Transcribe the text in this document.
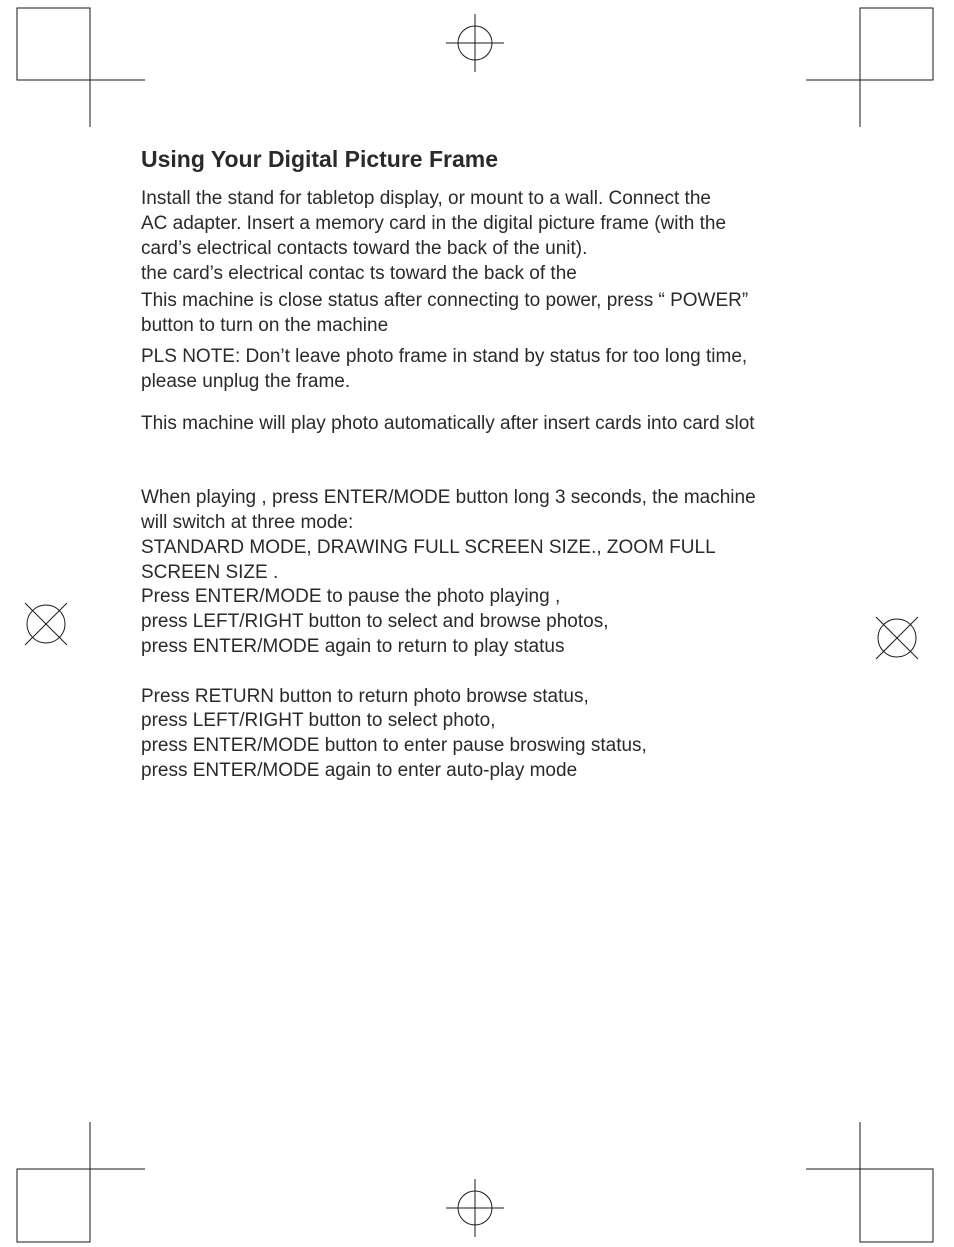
Using Your Digital Picture Frame

Install the stand for tabletop display, or mount to a wall. Connect the

AC adapter. Insert a memory card in the digital picture frame (with the

card’s electrical contacts toward the back of the unit).

the card’s electrical contac ts toward the back of the

This machine is close status after connecting to power, press “ POWER”

button to turn on the machine

PLS NOTE: Don’t leave photo frame in stand by status for too long time,

please unplug the frame.

This machine will play photo automatically after insert cards into card slot

When playing , press ENTER/MODE button long 3 seconds, the machine

will switch at three mode:

STANDARD MODE, DRAWING FULL SCREEN SIZE., ZOOM FULL

SCREEN SIZE .

Press ENTER/MODE to pause the photo playing ,

press LEFT/RIGHT button to select and browse photos,

press ENTER/MODE again to return to play status

Press RETURN button to return photo browse status,

press LEFT/RIGHT button to select photo,

press ENTER/MODE button to enter pause broswing status,

press ENTER/MODE again to enter auto-play mode
